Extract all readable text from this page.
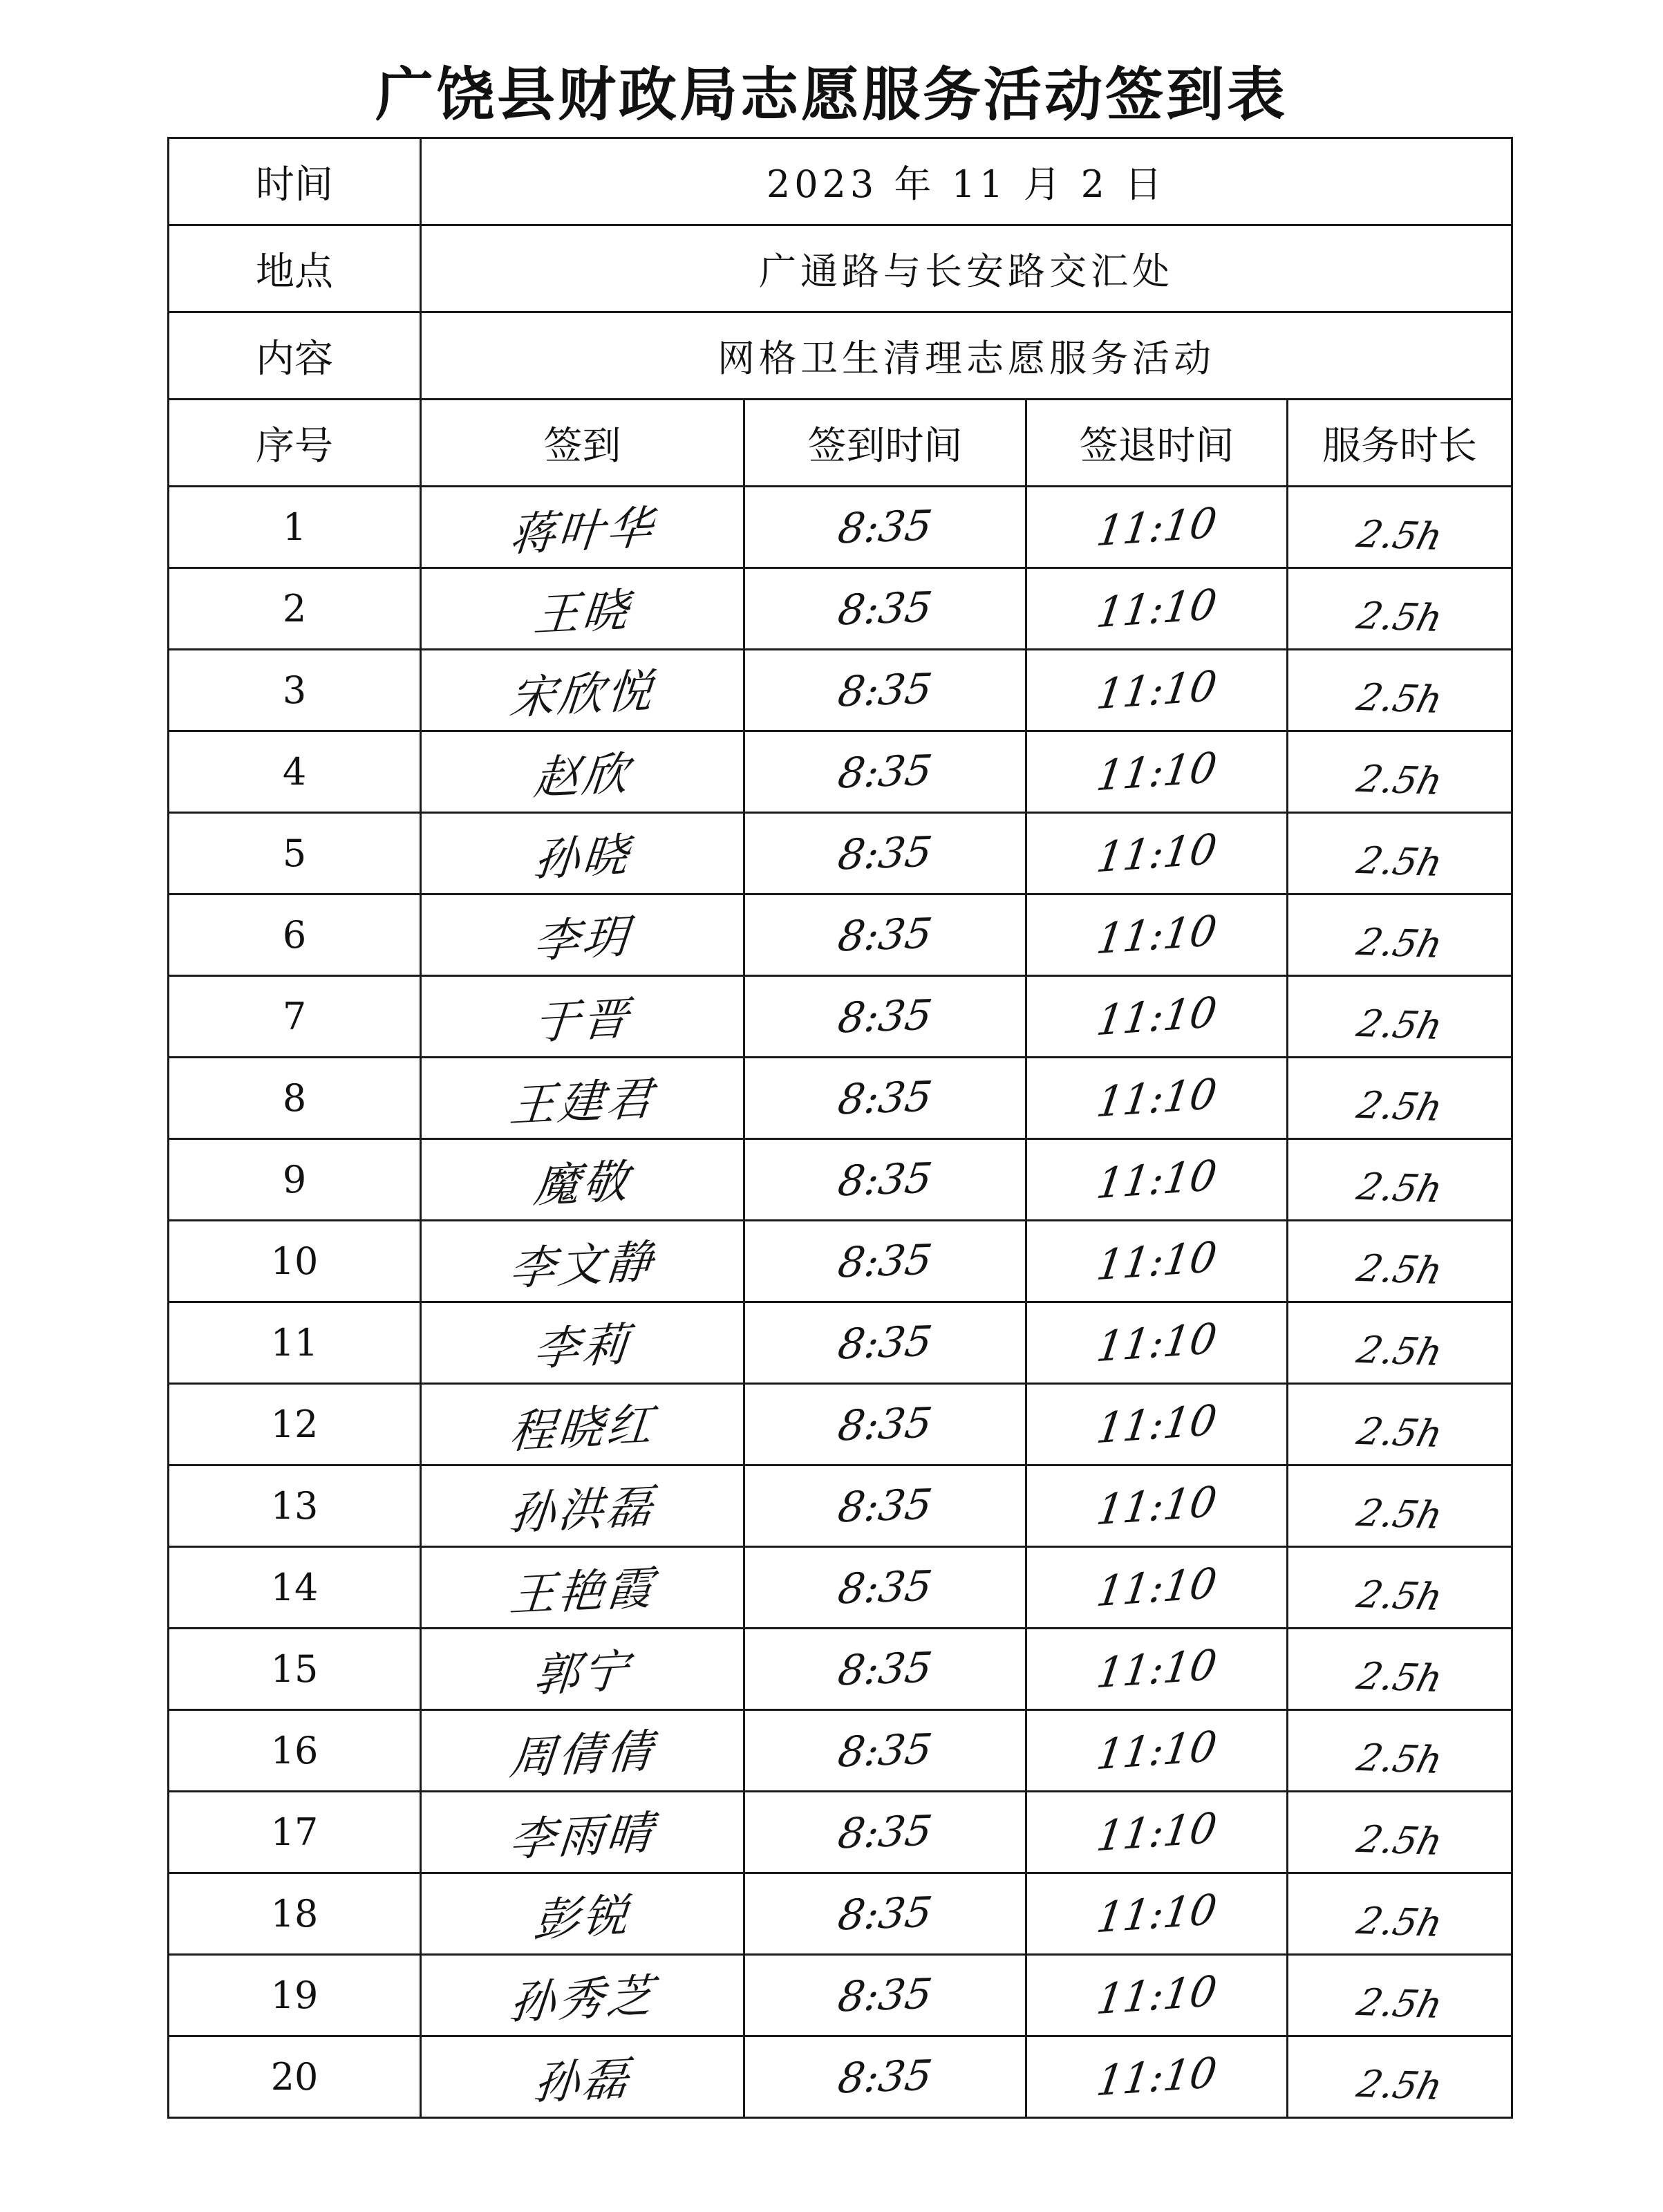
广饶县财政局志愿服务活动签到表
时间	2023 年 11 月 2 日			
地点	广通路与长安路交汇处			
内容	网格卫生清理志愿服务活动			
序号	签到	签到时间	签退时间	服务时长
1	蒋叶华	8:35	11:10	2.5h
2	王晓	8:35	11:10	2.5h
3	宋欣悦	8:35	11:10	2.5h
4	赵欣	8:35	11:10	2.5h
5	孙晓	8:35	11:10	2.5h
6	李玥	8:35	11:10	2.5h
7	于晋	8:35	11:10	2.5h
8	王建君	8:35	11:10	2.5h
9	魔敬	8:35	11:10	2.5h
10	李文静	8:35	11:10	2.5h
11	李莉	8:35	11:10	2.5h
12	程晓红	8:35	11:10	2.5h
13	孙洪磊	8:35	11:10	2.5h
14	王艳霞	8:35	11:10	2.5h
15	郭宁	8:35	11:10	2.5h
16	周倩倩	8:35	11:10	2.5h
17	李雨晴	8:35	11:10	2.5h
18	彭锐	8:35	11:10	2.5h
19	孙秀芝	8:35	11:10	2.5h
20	孙磊	8:35	11:10	2.5h
